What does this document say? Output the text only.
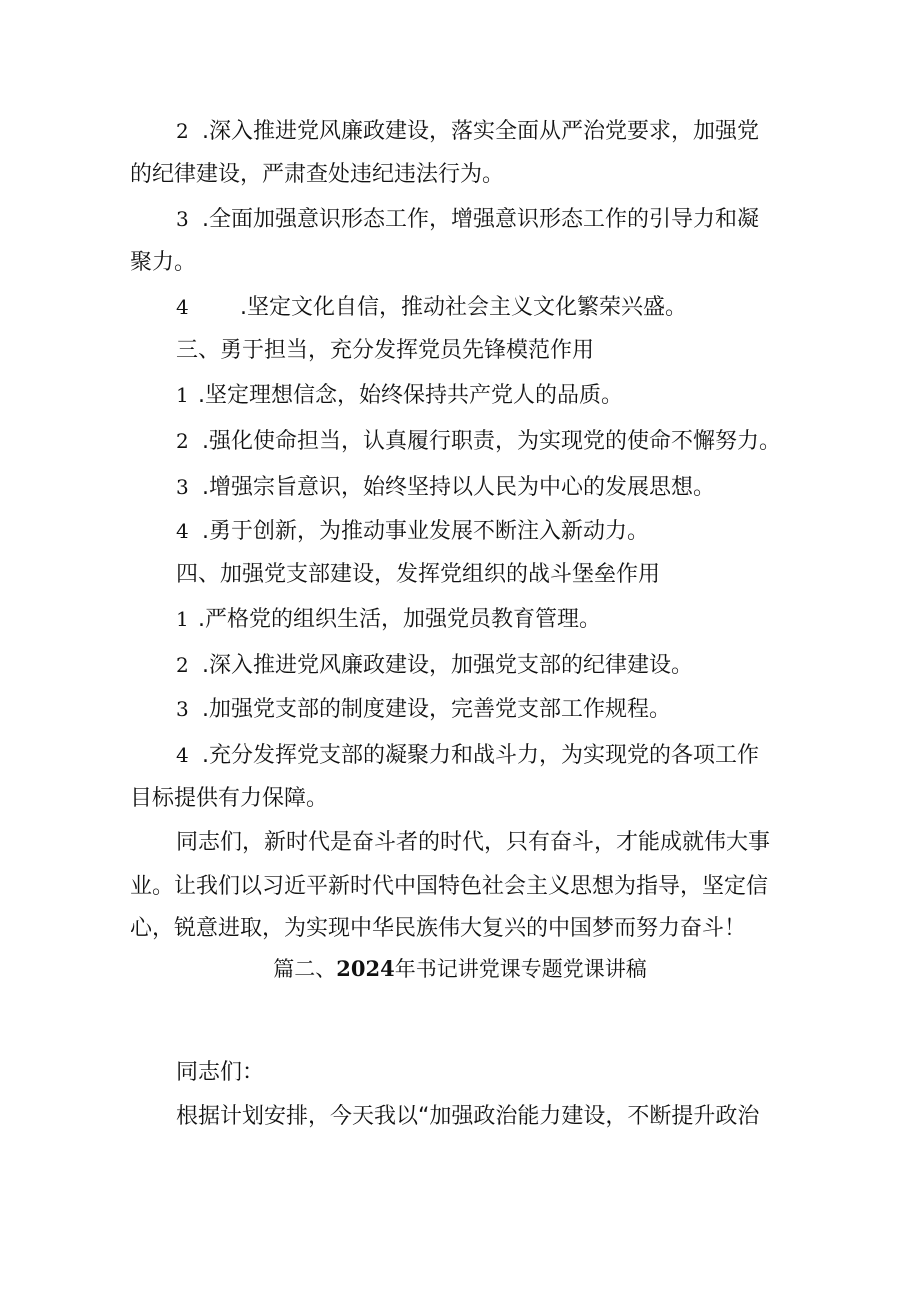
2 .深入推进党风廉政建设，落实全面从严治党要求，加强党
的纪律建设，严肃查处违纪违法行为。
3 .全面加强意识形态工作，增强意识形态工作的引导力和凝
聚力。
4 .坚定文化自信，推动社会主义文化繁荣兴盛。
三、勇于担当，充分发挥党员先锋模范作用
1 .坚定理想信念，始终保持共产党人的品质。
2 .强化使命担当，认真履行职责，为实现党的使命不懈努力。
3 .增强宗旨意识，始终坚持以人民为中心的发展思想。
4 .勇于创新，为推动事业发展不断注入新动力。
四、加强党支部建设，发挥党组织的战斗堡垒作用
1 .严格党的组织生活，加强党员教育管理。
2 .深入推进党风廉政建设，加强党支部的纪律建设。
3 .加强党支部的制度建设，完善党支部工作规程。
4 .充分发挥党支部的凝聚力和战斗力，为实现党的各项工作
目标提供有力保障。
同志们，新时代是奋斗者的时代，只有奋斗，才能成就伟大事
业。让我们以习近平新时代中国特色社会主义思想为指导，坚定信
心，锐意进取，为实现中华民族伟大复兴的中国梦而努力奋斗！
篇二、2024年书记讲党课专题党课讲稿
同志们：
根据计划安排，今天我以“加强政治能力建设，不断提升政治
